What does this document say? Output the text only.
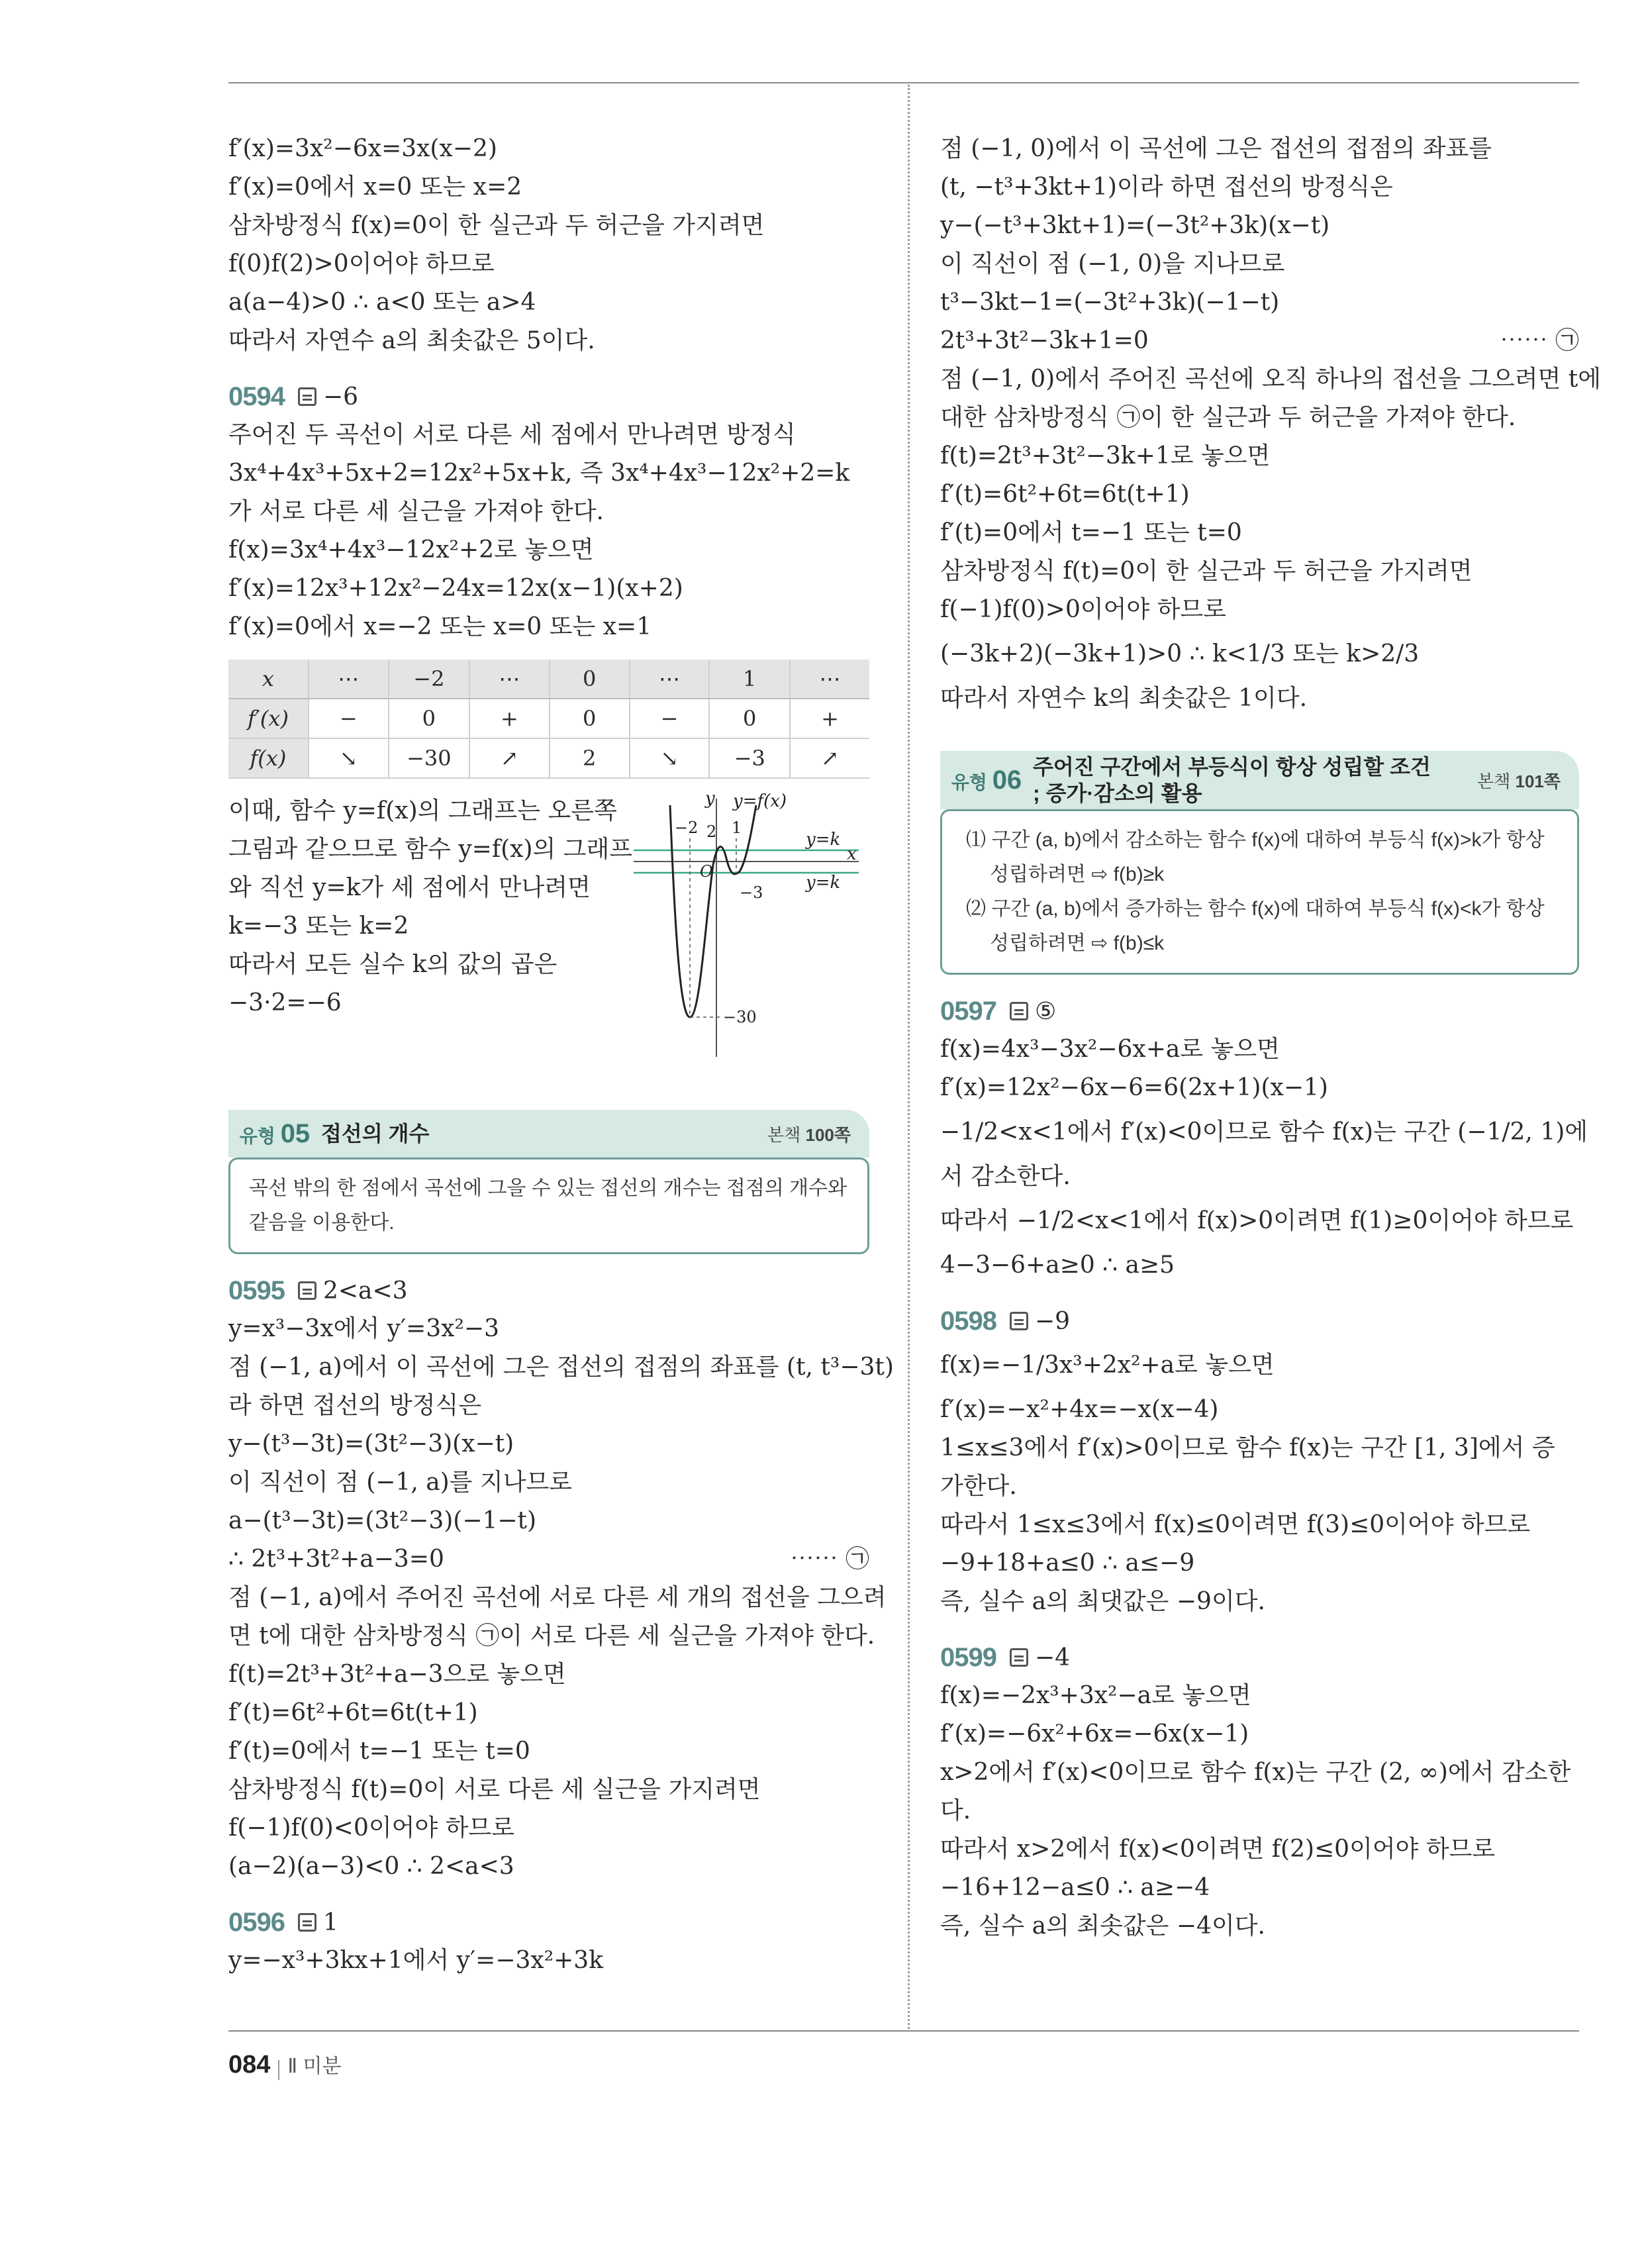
f′(x)=3x²−6x=3x(x−2)
f′(x)=0에서 x=0 또는 x=2
삼차방정식 f(x)=0이 한 실근과 두 허근을 가지려면
f(0)f(2)>0이어야 하므로
a(a−4)>0 ∴ a<0 또는 a>4
따라서 자연수 a의 최솟값은 5이다.
0594 −6
주어진 두 곡선이 서로 다른 세 점에서 만나려면 방정식
3x⁴+4x³+5x+2=12x²+5x+k, 즉 3x⁴+4x³−12x²+2=k
가 서로 다른 세 실근을 가져야 한다.
f(x)=3x⁴+4x³−12x²+2로 놓으면
f′(x)=12x³+12x²−24x=12x(x−1)(x+2)
f′(x)=0에서 x=−2 또는 x=0 또는 x=1
x	⋯	−2	⋯	0	⋯	1	⋯
f′(x)	−	0	+	0	−	0	+
f(x)	↘	−30	↗	2	↘	−3	↗
이때, 함수 y=f(x)의 그래프는 오른쪽
그림과 같으므로 함수 y=f(x)의 그래프
와 직선 y=k가 세 점에서 만나려면
k=−3 또는 k=2
따라서 모든 실수 k의 값의 곱은
−3·2=−6
y y=f(x)
y=k
x
y=k
−2 2 1
O
−3
−30
유형 05 접선의 개수	본책 100쪽
곡선 밖의 한 점에서 곡선에 그을 수 있는 접선의 개수는 접점의 개수와
같음을 이용한다.
0595 2<a<3
y=x³−3x에서 y′=3x²−3
점 (−1, a)에서 이 곡선에 그은 접선의 접점의 좌표를 (t, t³−3t)
라 하면 접선의 방정식은
y−(t³−3t)=(3t²−3)(x−t)
이 직선이 점 (−1, a)를 지나므로
a−(t³−3t)=(3t²−3)(−1−t)
∴ 2t³+3t²+a−3=0	⋯⋯ ㉠
점 (−1, a)에서 주어진 곡선에 서로 다른 세 개의 접선을 그으려
면 t에 대한 삼차방정식 ㉠이 서로 다른 세 실근을 가져야 한다.
f(t)=2t³+3t²+a−3으로 놓으면
f′(t)=6t²+6t=6t(t+1)
f′(t)=0에서 t=−1 또는 t=0
삼차방정식 f(t)=0이 서로 다른 세 실근을 가지려면
f(−1)f(0)<0이어야 하므로
(a−2)(a−3)<0 ∴ 2<a<3
0596 1
y=−x³+3kx+1에서 y′=−3x²+3k
점 (−1, 0)에서 이 곡선에 그은 접선의 접점의 좌표를
(t, −t³+3kt+1)이라 하면 접선의 방정식은
y−(−t³+3kt+1)=(−3t²+3k)(x−t)
이 직선이 점 (−1, 0)을 지나므로
t³−3kt−1=(−3t²+3k)(−1−t)
2t³+3t²−3k+1=0	⋯⋯ ㉠
점 (−1, 0)에서 주어진 곡선에 오직 하나의 접선을 그으려면 t에
대한 삼차방정식 ㉠이 한 실근과 두 허근을 가져야 한다.
f(t)=2t³+3t²−3k+1로 놓으면
f′(t)=6t²+6t=6t(t+1)
f′(t)=0에서 t=−1 또는 t=0
삼차방정식 f(t)=0이 한 실근과 두 허근을 가지려면
f(−1)f(0)>0이어야 하므로
(−3k+2)(−3k+1)>0 ∴ k<1/3 또는 k>2/3
따라서 자연수 k의 최솟값은 1이다.
유형 06 주어진 구간에서 부등식이 항상 성립할 조건
; 증가·감소의 활용
본책 101쪽
⑴ 구간 (a, b)에서 감소하는 함수 f(x)에 대하여 부등식 f(x)>k가 항상 성립하려면 ⇨ f(b)≥k
⑵ 구간 (a, b)에서 증가하는 함수 f(x)에 대하여 부등식 f(x)<k가 항상 성립하려면 ⇨ f(b)≤k
0597 ⑤
f(x)=4x³−3x²−6x+a로 놓으면
f′(x)=12x²−6x−6=6(2x+1)(x−1)
−1/2<x<1에서 f′(x)<0이므로 함수 f(x)는 구간 (−1/2, 1)에
서 감소한다.
따라서 −1/2<x<1에서 f(x)>0이려면 f(1)≥0이어야 하므로
4−3−6+a≥0 ∴ a≥5
0598 −9
f(x)=−1/3x³+2x²+a로 놓으면
f′(x)=−x²+4x=−x(x−4)
1≤x≤3에서 f′(x)>0이므로 함수 f(x)는 구간 [1, 3]에서 증
가한다.
따라서 1≤x≤3에서 f(x)≤0이려면 f(3)≤0이어야 하므로
−9+18+a≤0 ∴ a≤−9
즉, 실수 a의 최댓값은 −9이다.
0599 −4
f(x)=−2x³+3x²−a로 놓으면
f′(x)=−6x²+6x=−6x(x−1)
x>2에서 f′(x)<0이므로 함수 f(x)는 구간 (2, ∞)에서 감소한
다.
따라서 x>2에서 f(x)<0이려면 f(2)≤0이어야 하므로
−16+12−a≤0 ∴ a≥−4
즉, 실수 a의 최솟값은 −4이다.
084 Ⅱ 미분
